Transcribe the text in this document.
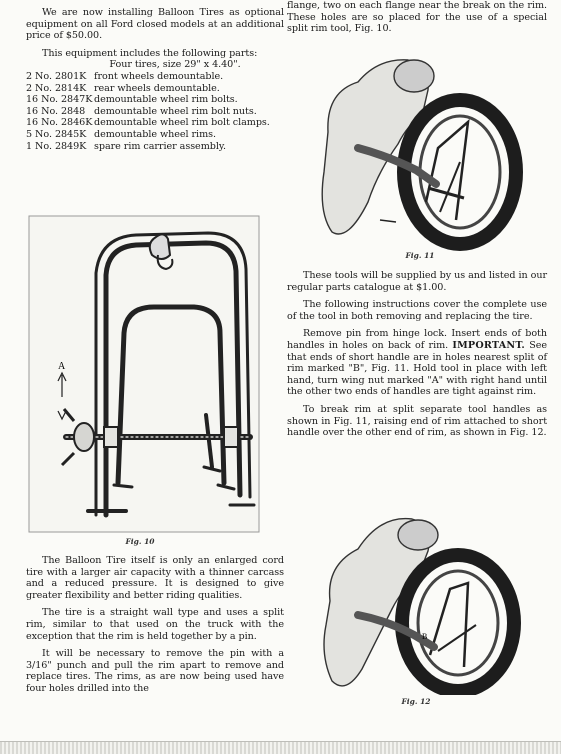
We are now installing Balloon Tires as optional equipment on all Ford closed models at an additional price of $50.00.

This equipment includes the following parts:

Four tires, size 29" x 4.40".
2 No. 2801K front wheels demountable.
2 No. 2814K rear wheels demountable.
16 No. 2847K demountable wheel rim bolts.
16 No. 2848 demountable wheel rim bolt nuts.
16 No. 2846K demountable wheel rim bolt clamps.
5 No. 2845K demountable wheel rims.
1 No. 2849K spare rim carrier assembly.
A
Fig. 10

The Balloon Tire itself is only an enlarged cord tire with a larger air capacity with a thinner carcass and a reduced pressure. It is designed to give greater flexibility and better riding qualities.

The tire is a straight wall type and uses a split rim, similar to that used on the truck with the exception that the rim is held together by a pin.

It will be necessary to remove the pin with a 3/16" punch and pull the rim apart to remove and replace tires. The rims, as are now being used have four holes drilled into the

flange, two on each flange near the break on the rim. These holes are so placed for the use of a special split rim tool, Fig. 10.

Fig. 11

These tools will be supplied by us and listed in our regular parts catalogue at $1.00.

The following instructions cover the complete use of the tool in both removing and replacing the tire.

Remove pin from hinge lock. Insert ends of both handles in holes on back of rim. IMPORTANT. See that ends of short handle are in holes nearest split of rim marked "B", Fig. 11. Hold tool in place with left hand, turn wing nut marked "A" with right hand until the other two ends of handles are tight against rim.

To break rim at split separate tool handles as shown in Fig. 11, raising end of rim attached to short handle over the other end of rim, as shown in Fig. 12.

B
Fig. 12
